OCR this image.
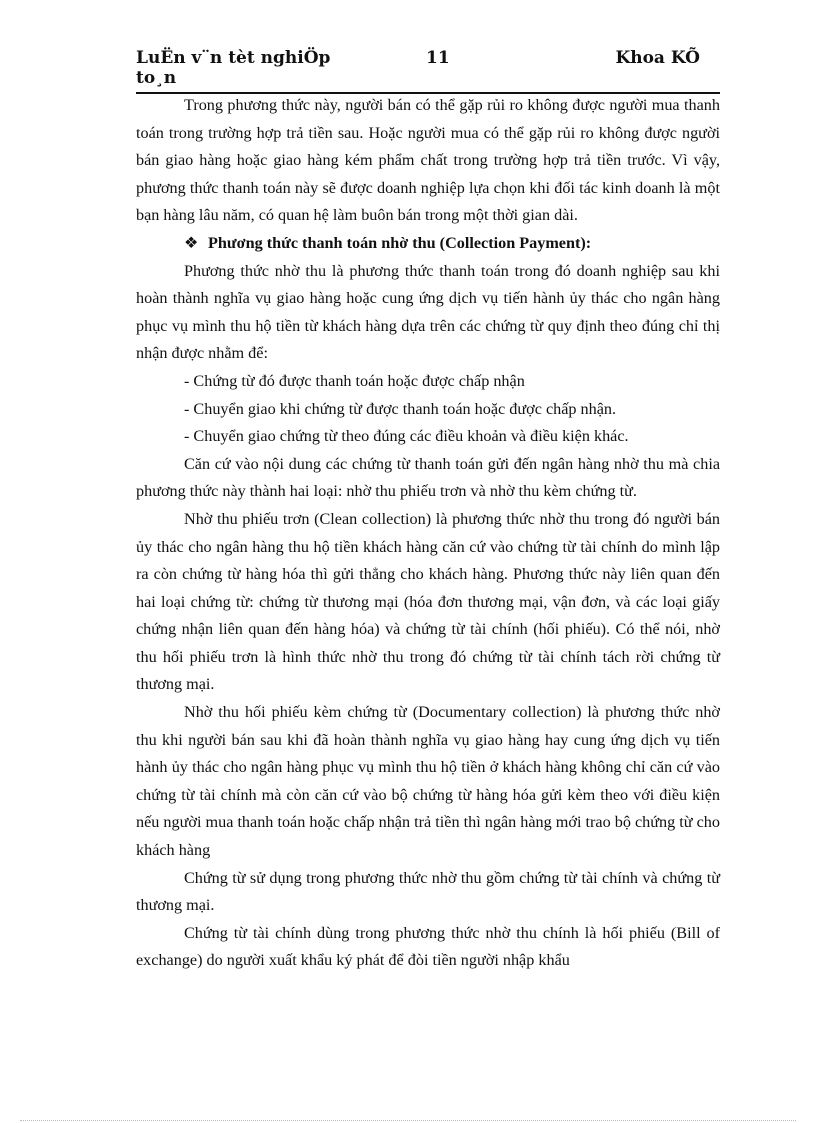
LuËn v¨n tèt nghiÖp to¸n
11	Khoa KÕ

Trong phương thức này, người bán có thể gặp rủi ro không được người mua thanh toán trong trường hợp trả tiền sau. Hoặc người mua có thể gặp rủi ro không được người bán giao hàng hoặc giao hàng kém phẩm chất trong trường hợp trả tiền trước. Vì vậy, phương thức thanh toán này sẽ được doanh nghiệp lựa chọn khi đối tác kinh doanh là một bạn hàng lâu năm, có quan hệ làm buôn bán trong một thời gian dài.

❖ Phương thức thanh toán nhờ thu (Collection Payment):

Phương thức nhờ thu là phương thức thanh toán trong đó doanh nghiệp sau khi hoàn thành nghĩa vụ giao hàng hoặc cung ứng dịch vụ tiến hành ủy thác cho ngân hàng phục vụ mình thu hộ tiền từ khách hàng dựa trên các chứng từ quy định theo đúng chỉ thị nhận được nhằm để:

- Chứng từ đó được thanh toán hoặc được chấp nhận

- Chuyển giao khi chứng từ được thanh toán hoặc được chấp nhận.

- Chuyển giao chứng từ theo đúng các điều khoản và điều kiện khác.

Căn cứ vào nội dung các chứng từ thanh toán gửi đến ngân hàng nhờ thu mà chia phương thức này thành hai loại: nhờ thu phiếu trơn và nhờ thu kèm chứng từ.

Nhờ thu phiếu trơn (Clean collection) là phương thức nhờ thu trong đó người bán ủy thác cho ngân hàng thu hộ tiền khách hàng căn cứ vào chứng từ tài chính do mình lập ra còn chứng từ hàng hóa thì gửi thẳng cho khách hàng. Phương thức này liên quan đến hai loại chứng từ: chứng từ thương mại (hóa đơn thương mại, vận đơn, và các loại giấy chứng nhận liên quan đến hàng hóa) và chứng từ tài chính (hối phiếu). Có thể nói, nhờ thu hối phiếu trơn là hình thức nhờ thu trong đó chứng từ tài chính tách rời chứng từ thương mại.

Nhờ thu hối phiếu kèm chứng từ (Documentary collection) là phương thức nhờ thu khi người bán sau khi đã hoàn thành nghĩa vụ giao hàng hay cung ứng dịch vụ tiến hành ủy thác cho ngân hàng phục vụ mình thu hộ tiền ở khách hàng không chỉ căn cứ vào chứng từ tài chính mà còn căn cứ vào bộ chứng từ hàng hóa gửi kèm theo với điều kiện nếu người mua thanh toán hoặc chấp nhận trả tiền thì ngân hàng mới trao bộ chứng từ cho khách hàng

Chứng từ sử dụng trong phương thức nhờ thu gồm chứng từ tài chính và chứng từ thương mại.

Chứng từ tài chính dùng trong phương thức nhờ thu chính là hối phiếu (Bill of exchange) do người xuất khẩu ký phát để đòi tiền người nhập khẩu
